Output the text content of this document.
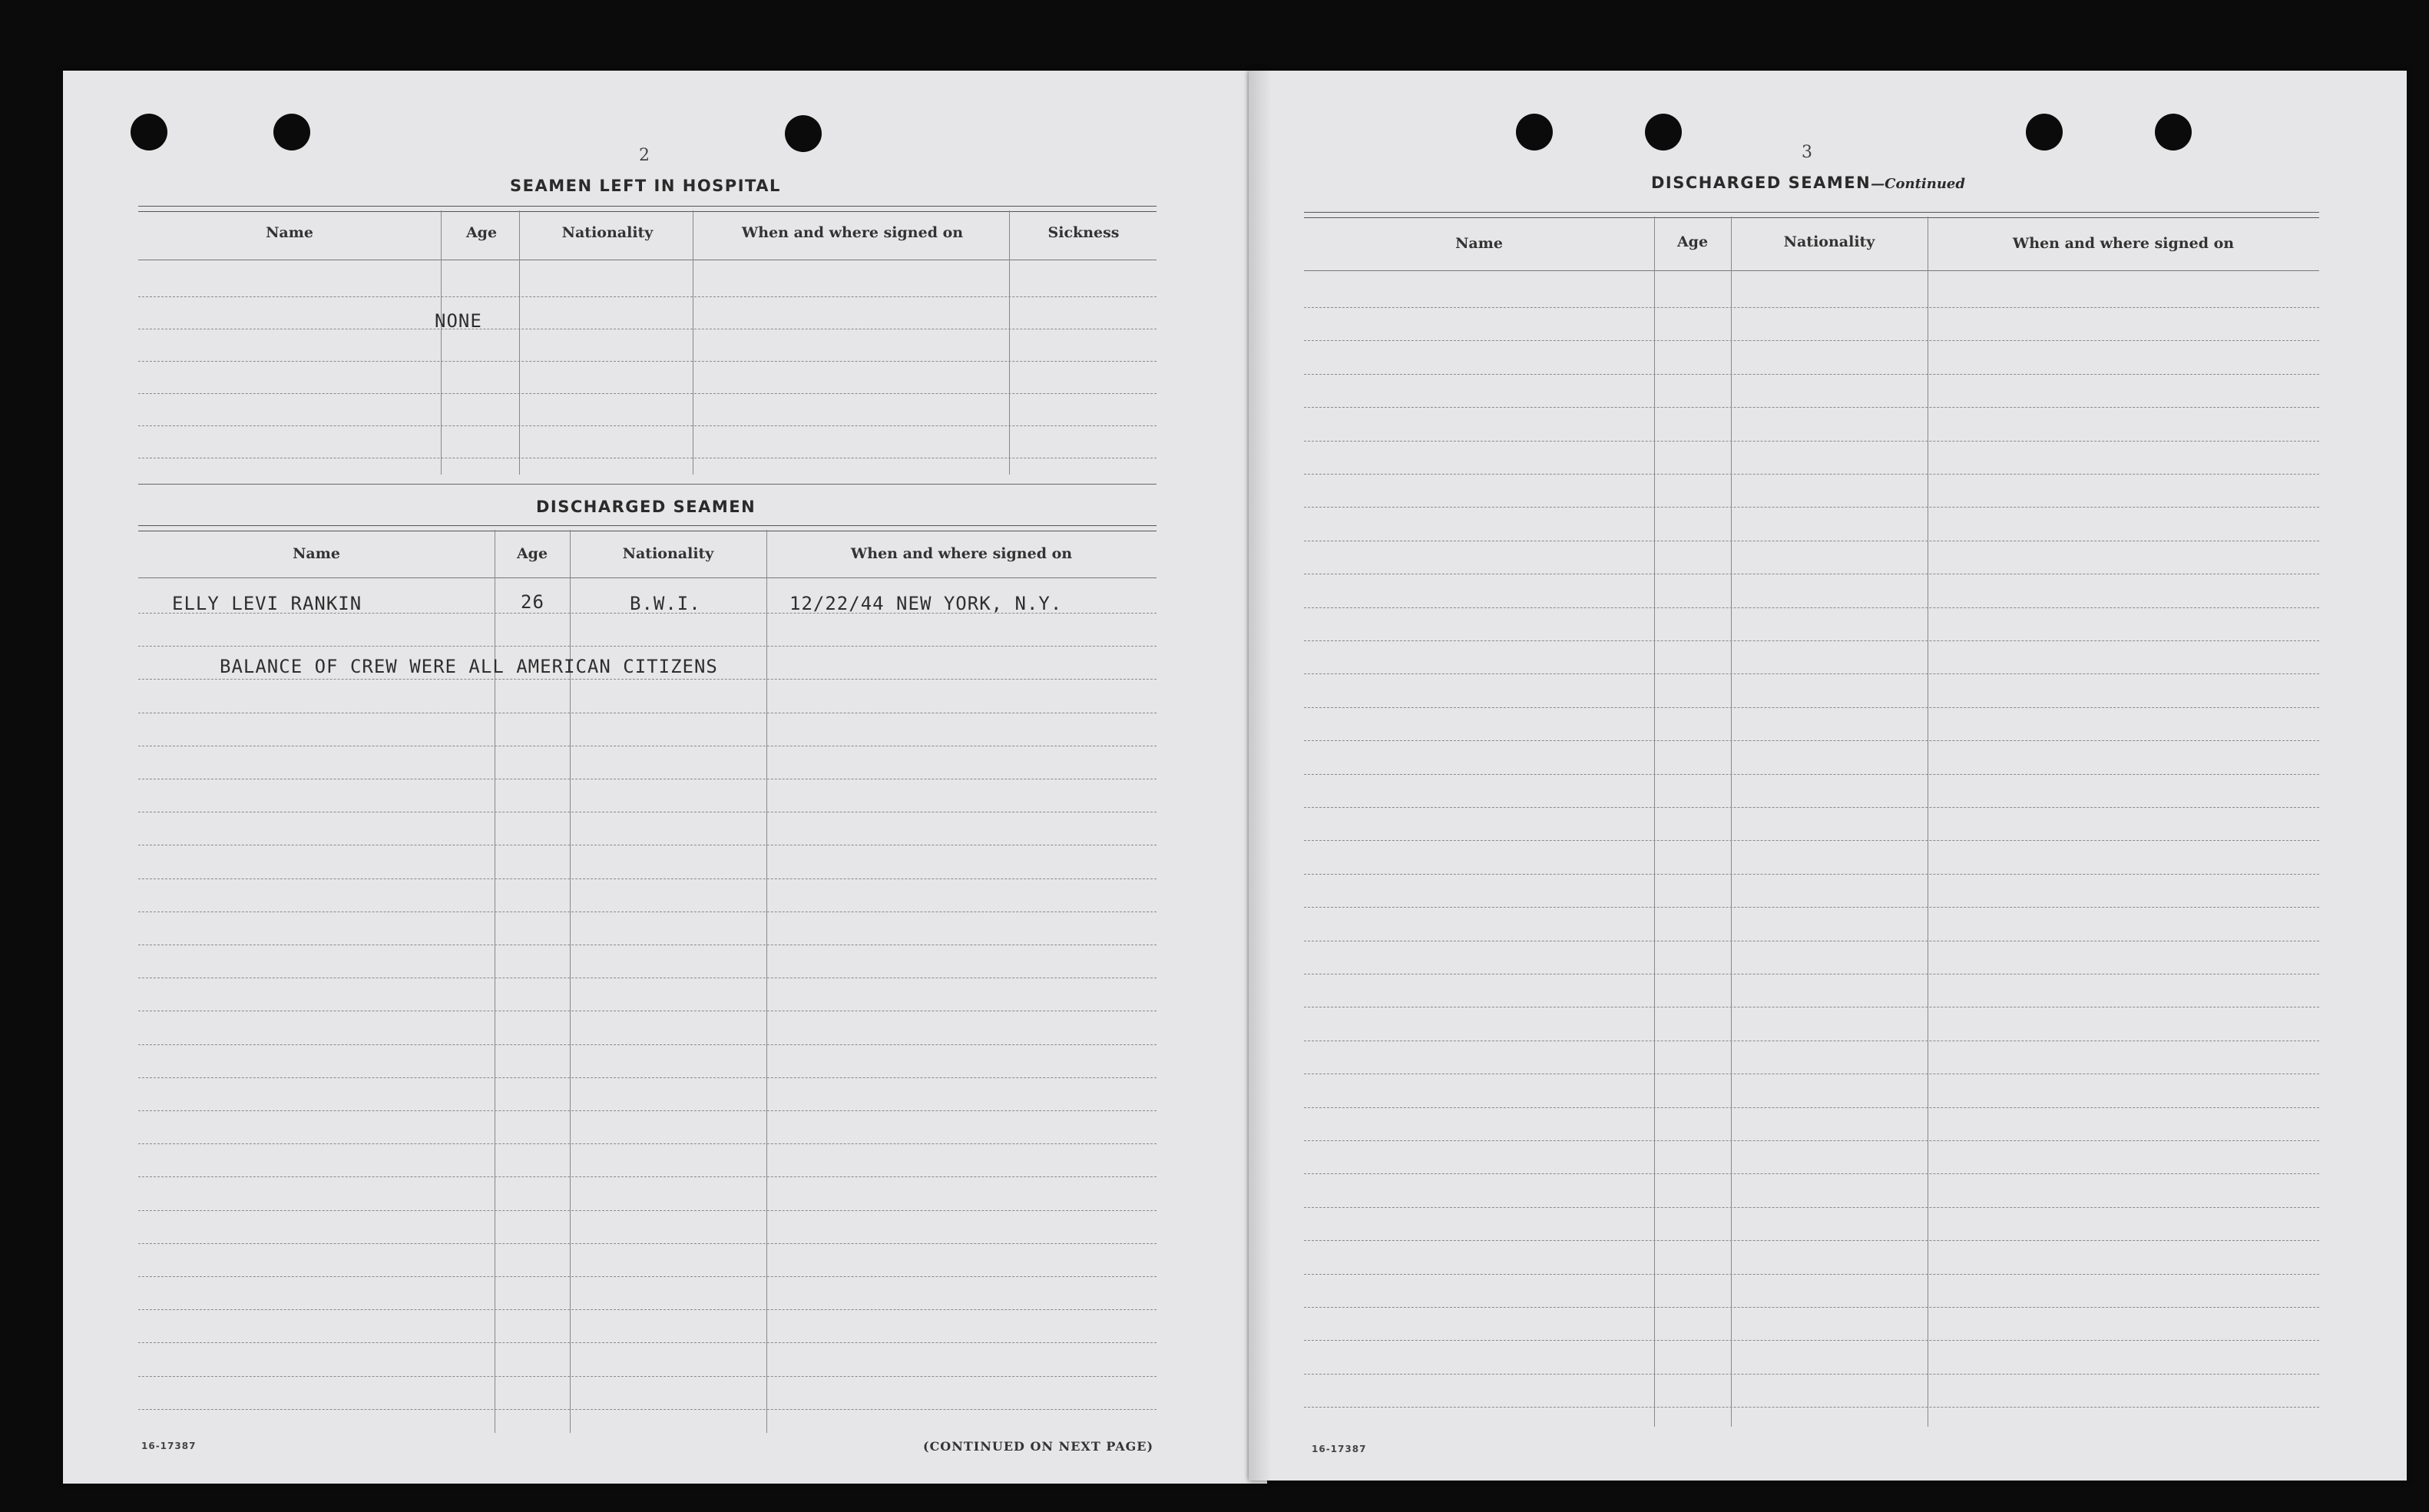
2
SEAMEN LEFT IN HOSPITAL
Name	Age	Nationality	When and where signed on	Sickness
NONE
DISCHARGED SEAMEN
Name	Age	Nationality	When and where signed on
ELLY LEVI RANKIN	26	B.W.I.	12/22/44 NEW YORK, N.Y.
BALANCE OF CREW WERE ALL AMERICAN CITIZENS
16-17387	(CONTINUED ON NEXT PAGE)
3
DISCHARGED SEAMEN—Continued
Name	Age	Nationality	When and where signed on
16-17387
